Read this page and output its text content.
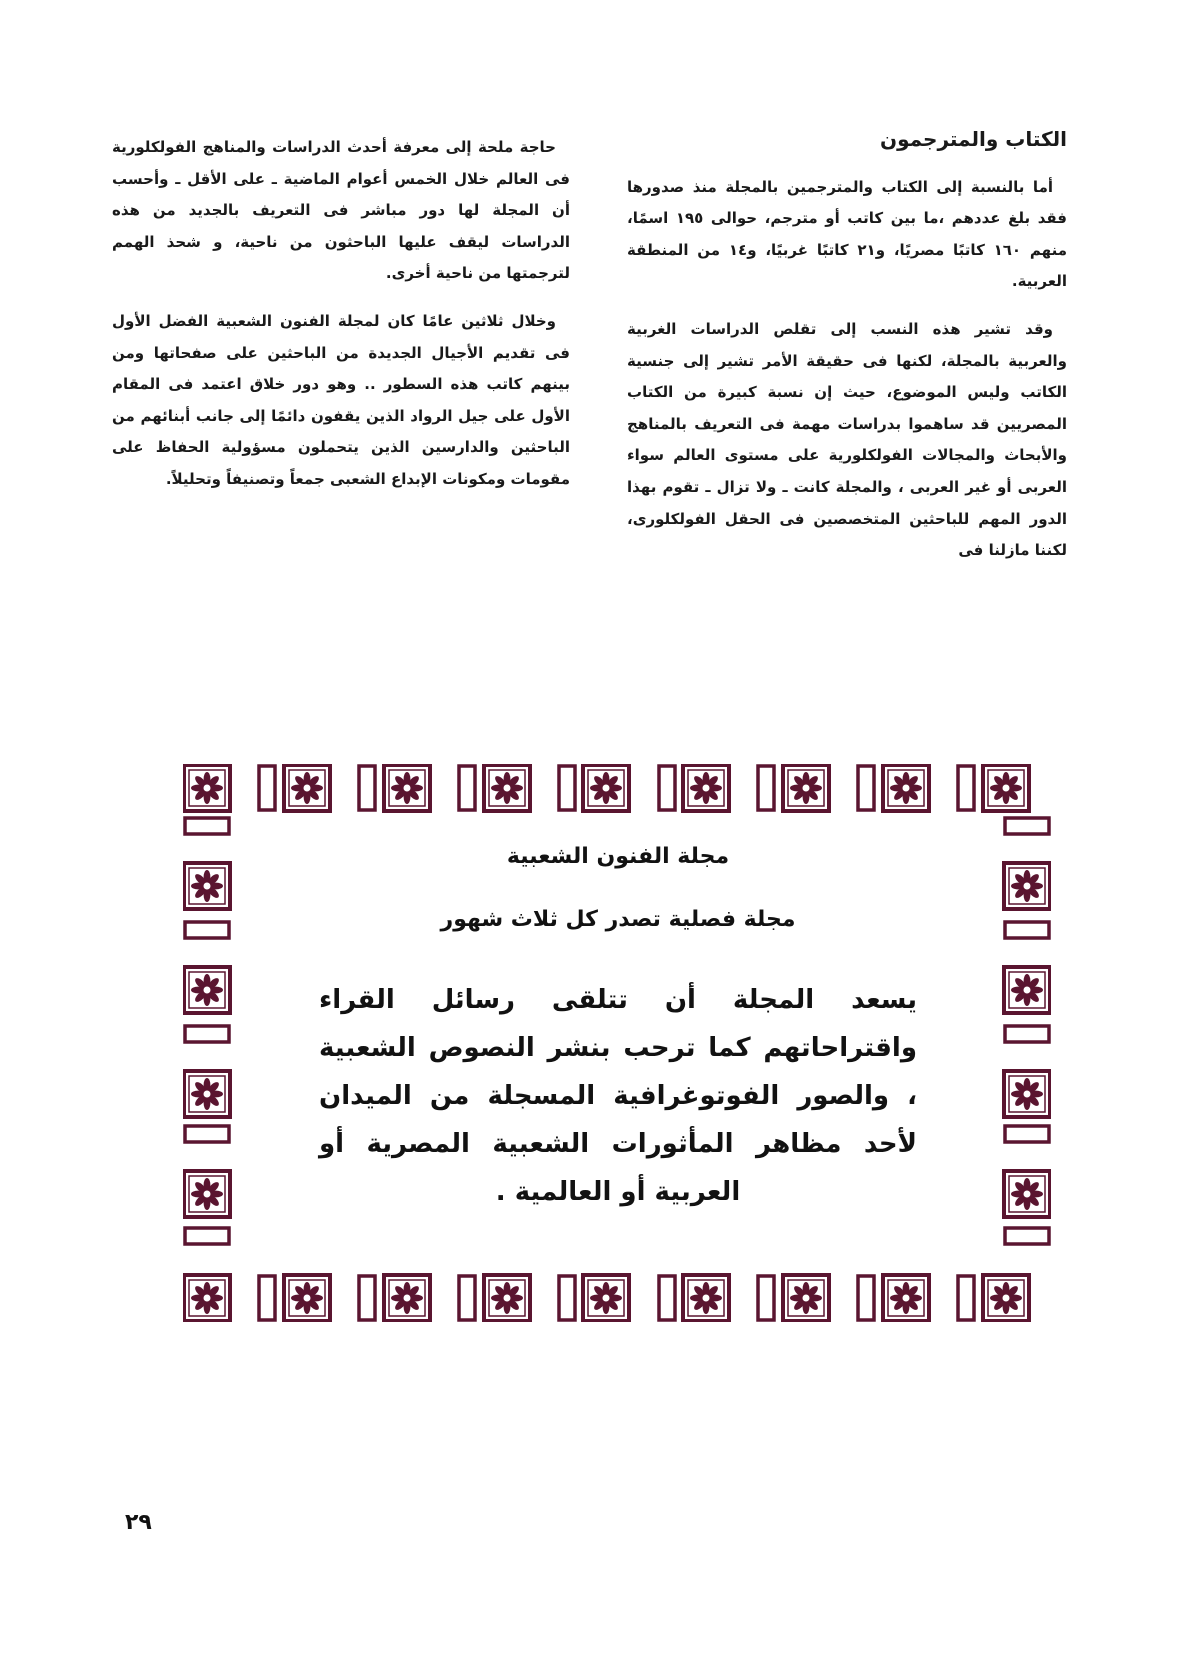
الكتاب والمترجمون

أما بالنسبة إلى الكتاب والمترجمين بالمجلة منذ صدورها فقد بلغ عددهم ،ما بين كاتب أو مترجم، حوالى ١٩٥ اسمًا، منهم ١٦٠ كاتبًا مصريًا، و٢١ كاتبًا غربيًا، و١٤ من المنطقة العربية.

وقد تشير هذه النسب إلى تقلص الدراسات الغربية والعربية بالمجلة، لكنها فى حقيقة الأمر تشير إلى جنسية الكاتب وليس الموضوع، حيث إن نسبة كبيرة من الكتاب المصريين قد ساهموا بدراسات مهمة فى التعريف بالمناهج والأبحاث والمجالات الفولكلورية على مستوى العالم سواء العربى أو غير العربى ، والمجلة كانت ـ ولا تزال ـ تقوم بهذا الدور المهم للباحثين المتخصصين فى الحقل الفولكلورى، لكننا مازلنا فى

حاجة ملحة إلى معرفة أحدث الدراسات والمناهج الفولكلورية فى العالم خلال الخمس أعوام الماضية ـ على الأقل ـ وأحسب أن المجلة لها دور مباشر فى التعريف بالجديد من هذه الدراسات ليقف عليها الباحثون من ناحية، و شحذ الهمم لترجمتها من ناحية أخرى.

وخلال ثلاثين عامًا كان لمجلة الفنون الشعبية الفضل الأول فى تقديم الأجيال الجديدة من الباحثين على صفحاتها ومن بينهم كاتب هذه السطور .. وهو دور خلاق اعتمد فى المقام الأول على جيل الرواد الذين يقفون دائمًا إلى جانب أبنائهم من الباحثين والدارسين الذين يتحملون مسؤولية الحفاظ على مقومات ومكونات الإبداع الشعبى جمعاً وتصنيفاً وتحليلاً.

مجلة الفنون الشعبية
مجلة فصلية تصدر كل ثلاث شهور
يسعد المجلة أن تتلقى رسائل القراء واقتراحاتهم كما ترحب بنشر النصوص الشعبية ، والصور الفوتوغرافية المسجلة من الميدان لأحد مظاهر المأثورات الشعبية المصرية أو العربية أو العالمية .
٢٩
